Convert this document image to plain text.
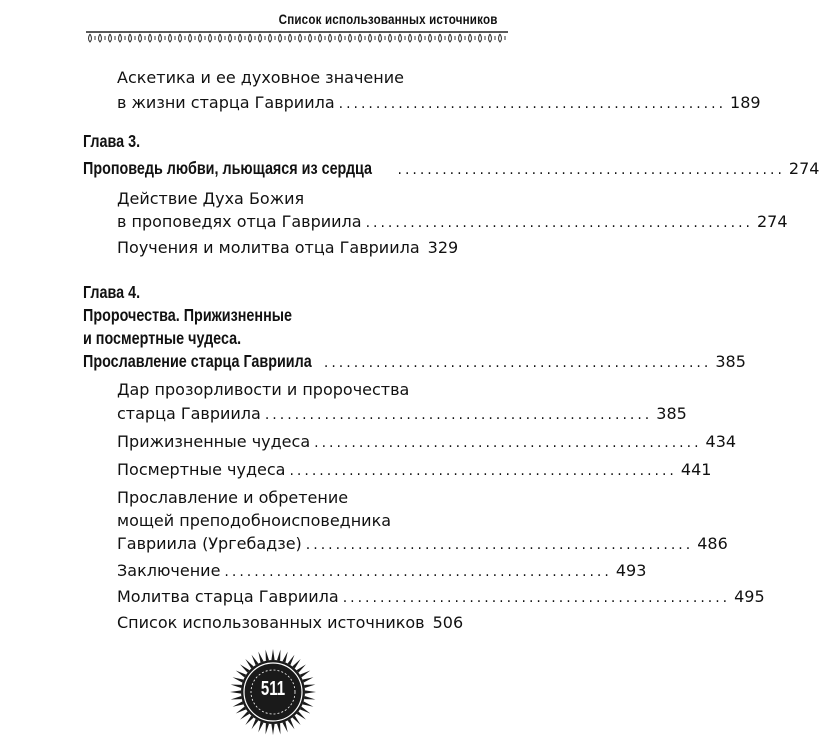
Список использованных источников
Аскетика и ее духовное значение
в жизни старца Гавриила .................................................... 189
Глава 3.
Проповедь любви, льющаяся из сердца .................................................... 274
Действие Духа Божия
в проповедях отца Гавриила .................................................... 274
Поучения и молитва отца Гавриила 329
Глава 4.
Пророчества. Прижизненные
и посмертные чудеса.
Прославление старца Гавриила .................................................... 385
Дар прозорливости и пророчества
старца Гавриила .................................................... 385
Прижизненные чудеса .................................................... 434
Посмертные чудеса .................................................... 441
Прославление и обретение
мощей преподобноисповедника
Гавриила (Ургебадзе) .................................................... 486
Заключение .................................................... 493
Молитва старца Гавриила .................................................... 495
Список использованных источников 506
511
